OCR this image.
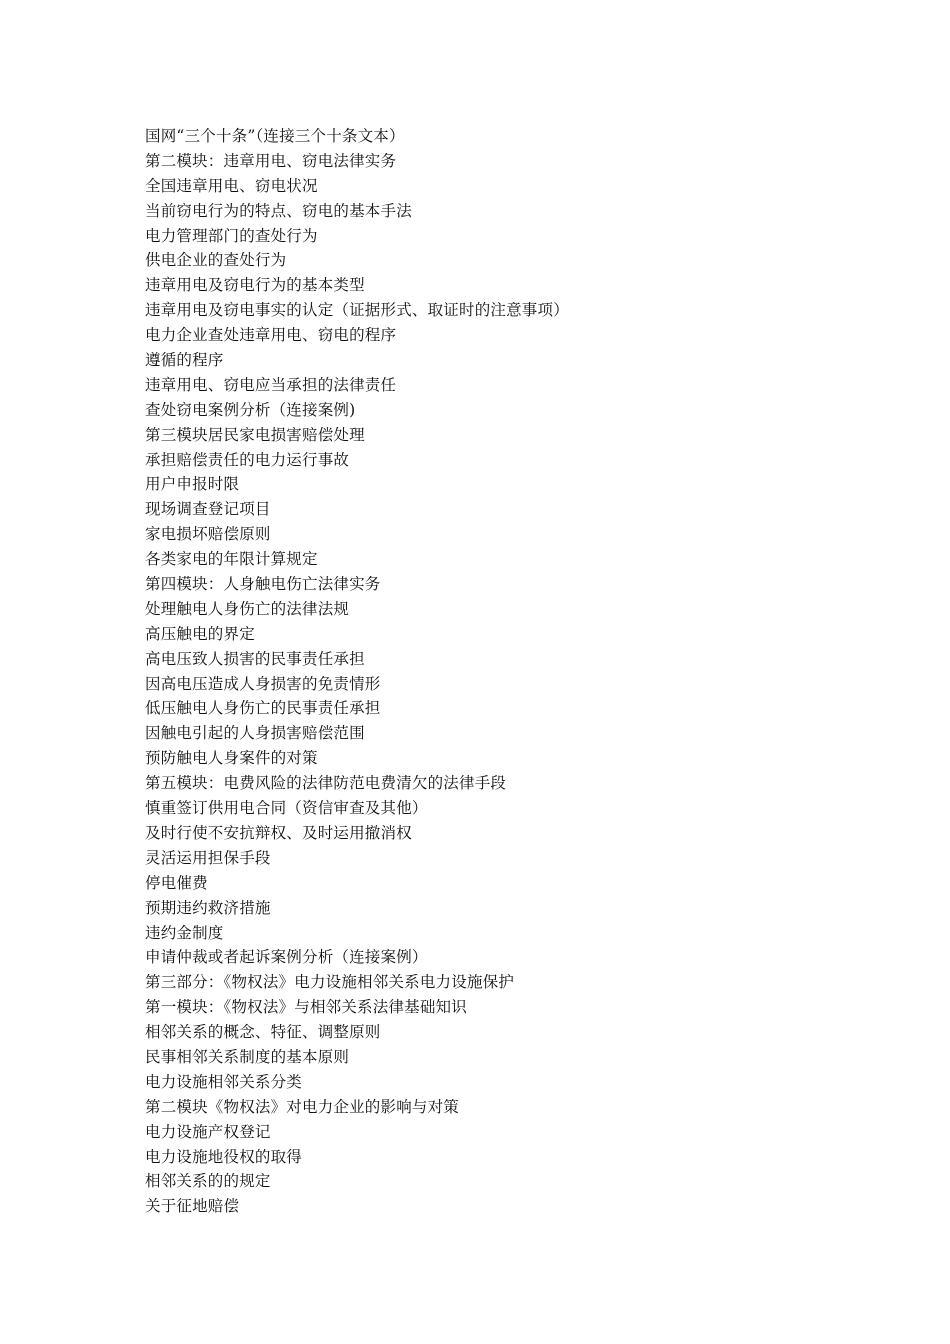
国网“三个十条”（连接三个十条文本）
第二模块：违章用电、窃电法律实务
全国违章用电、窃电状况
当前窃电行为的特点、窃电的基本手法
电力管理部门的查处行为
供电企业的查处行为
违章用电及窃电行为的基本类型
违章用电及窃电事实的认定（证据形式、取证时的注意事项）
电力企业查处违章用电、窃电的程序
遵循的程序
违章用电、窃电应当承担的法律责任
查处窃电案例分析（连接案例)
第三模块居民家电损害赔偿处理
承担赔偿责任的电力运行事故
用户申报时限
现场调查登记项目
家电损坏赔偿原则
各类家电的年限计算规定
第四模块：人身触电伤亡法律实务
处理触电人身伤亡的法律法规
高压触电的界定
高电压致人损害的民事责任承担
因高电压造成人身损害的免责情形
低压触电人身伤亡的民事责任承担
因触电引起的人身损害赔偿范围
预防触电人身案件的对策
第五模块：电费风险的法律防范电费清欠的法律手段
慎重签订供用电合同（资信审查及其他）
及时行使不安抗辩权、及时运用撤消权
灵活运用担保手段
停电催费
预期违约救济措施
违约金制度
申请仲裁或者起诉案例分析（连接案例）
第三部分：《物权法》电力设施相邻关系电力设施保护
第一模块：《物权法》与相邻关系法律基础知识
相邻关系的概念、特征、调整原则
民事相邻关系制度的基本原则
电力设施相邻关系分类
第二模块《物权法》对电力企业的影响与对策
电力设施产权登记
电力设施地役权的取得
相邻关系的的规定
关于征地赔偿
